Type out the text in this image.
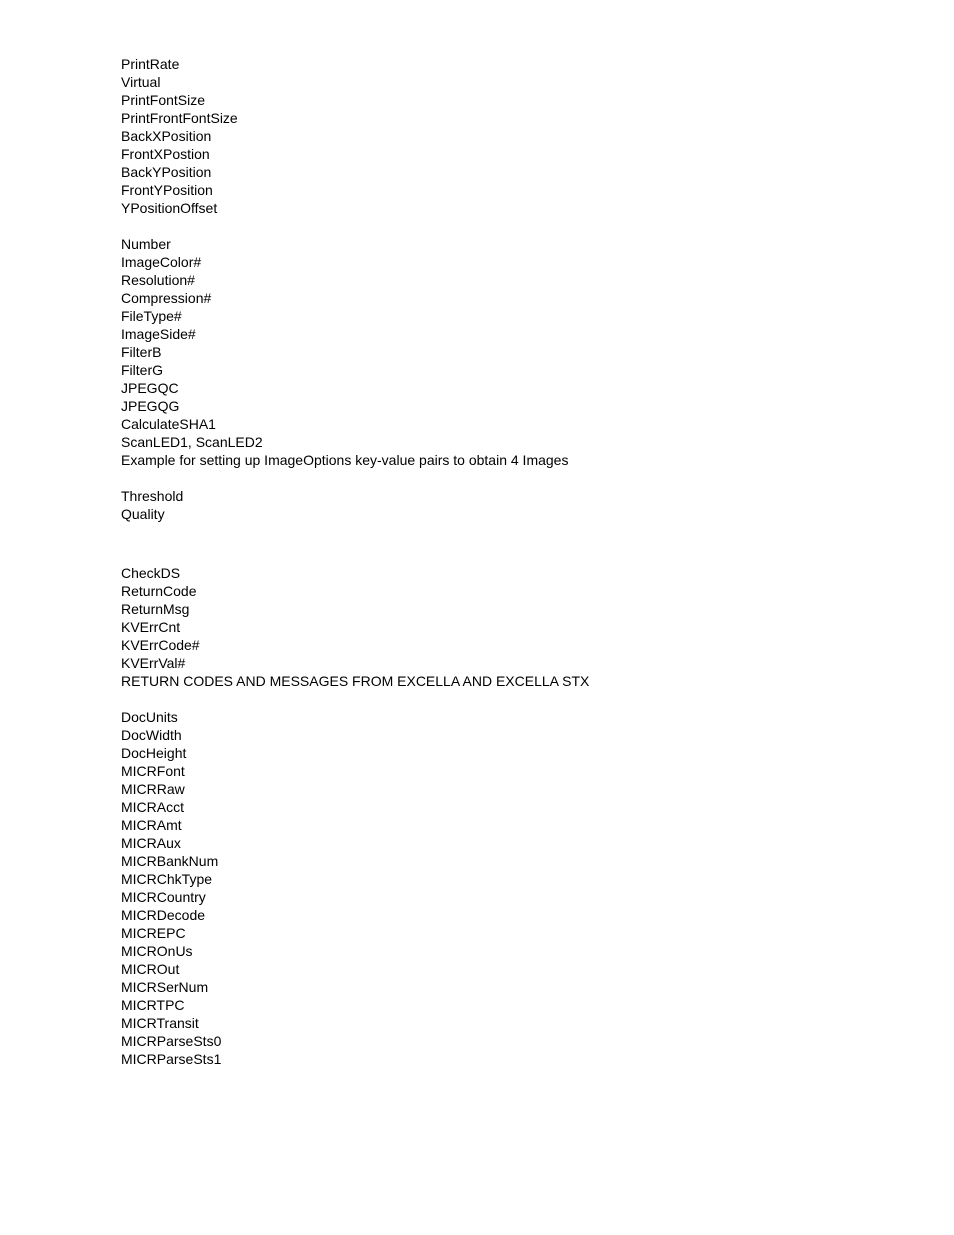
PrintRate
Virtual
PrintFontSize
PrintFrontFontSize
BackXPosition
FrontXPostion
BackYPosition
FrontYPosition
YPositionOffset
Number
ImageColor#
Resolution#
Compression#
FileType#
ImageSide#
FilterB
FilterG
JPEGQC
JPEGQG
CalculateSHA1
ScanLED1, ScanLED2
Example for setting up ImageOptions key-value pairs to obtain 4 Images
Threshold
Quality
CheckDS
ReturnCode
ReturnMsg
KVErrCnt
KVErrCode#
KVErrVal#
RETURN CODES AND MESSAGES FROM EXCELLA AND EXCELLA STX
DocUnits
DocWidth
DocHeight
MICRFont
MICRRaw
MICRAcct
MICRAmt
MICRAux
MICRBankNum
MICRChkType
MICRCountry
MICRDecode
MICREPC
MICROnUs
MICROut
MICRSerNum
MICRTPC
MICRTransit
MICRParseSts0
MICRParseSts1
